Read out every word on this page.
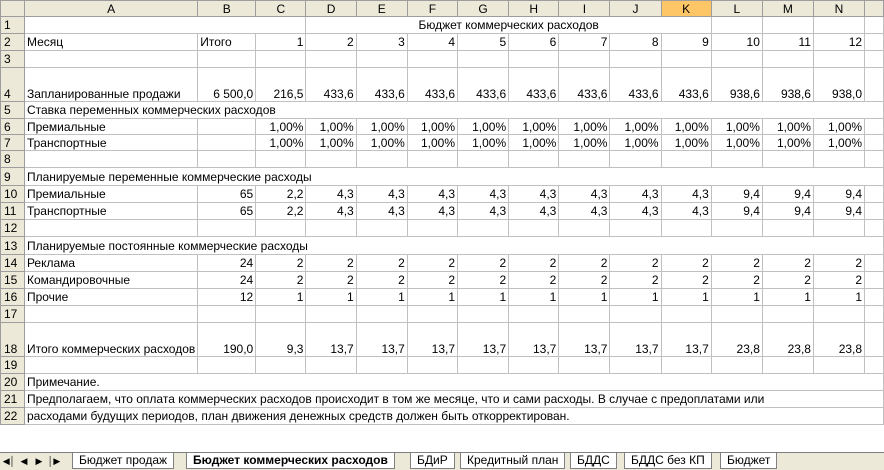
	A	B	C	D	E	F	G	H	I	J	K	L	M	N	
1				Бюджет коммерческих расходов											
2	Месяц	Итого	1	2	3	4	5	6	7	8	9	10	11	12	
3															
4	Запланированные продажи	6 500,0	216,5	433,6	433,6	433,6	433,6	433,6	433,6	433,6	433,6	938,6	938,6	938,0	
5	Ставка переменных коммерческих расходов														
6	Премиальные		1,00%	1,00%	1,00%	1,00%	1,00%	1,00%	1,00%	1,00%	1,00%	1,00%	1,00%	1,00%	
7	Транспортные		1,00%	1,00%	1,00%	1,00%	1,00%	1,00%	1,00%	1,00%	1,00%	1,00%	1,00%	1,00%	
8															
9	Планируемые переменные коммерческие расходы														
10	Премиальные	65	2,2	4,3	4,3	4,3	4,3	4,3	4,3	4,3	4,3	9,4	9,4	9,4	
11	Транспортные	65	2,2	4,3	4,3	4,3	4,3	4,3	4,3	4,3	4,3	9,4	9,4	9,4	
12															
13	Планируемые постоянные коммерческие расходы														
14	Реклама	24	2	2	2	2	2	2	2	2	2	2	2	2	
15	Командировочные	24	2	2	2	2	2	2	2	2	2	2	2	2	
16	Прочие	12	1	1	1	1	1	1	1	1	1	1	1	1	
17															
18	Итого коммерческих расходов	190,0	9,3	13,7	13,7	13,7	13,7	13,7	13,7	13,7	13,7	23,8	23,8	23,8	
19															
20	Примечание.														
21	Предполагаем, что оплата коммерческих расходов происходит в том же месяце, что и сами расходы. В случае с предоплатами или														
22	расходами будущих периодов, план движения денежных средств должен быть откорректирован.														
◀│ ◀ ▶ │▶	Бюджет продаж	Бюджет коммерческих расходов	БДиР	Кредитный план	БДДС	БДДС без КП	Бюджет
